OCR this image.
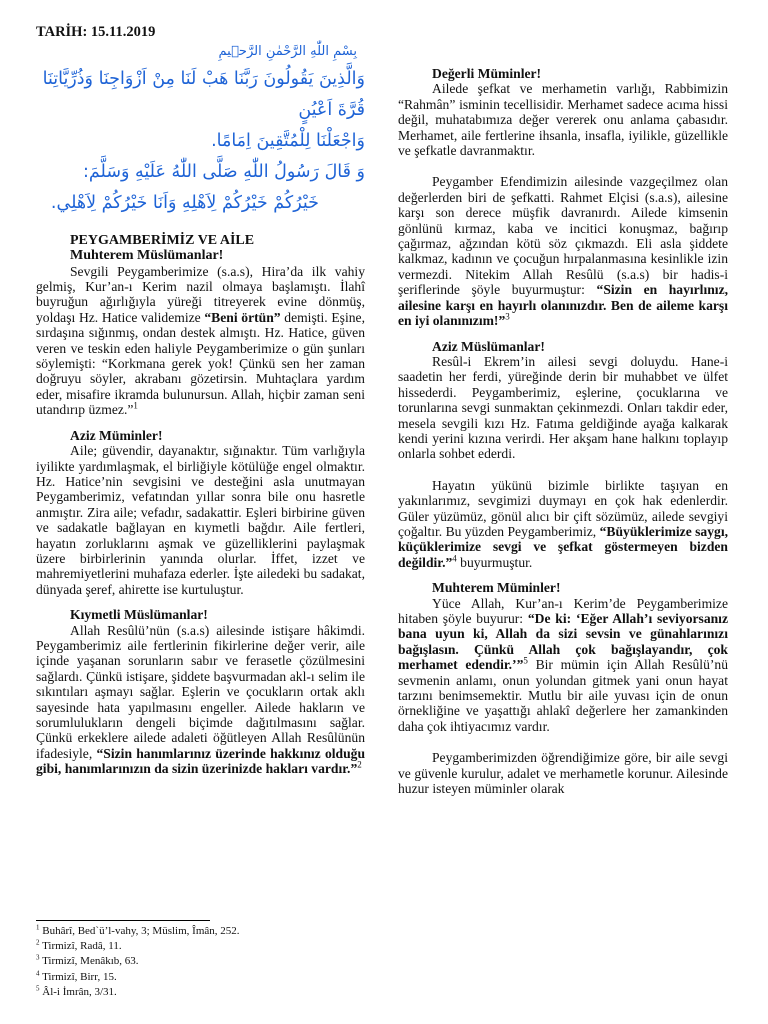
TARİH: 15.11.2019
بِسْمِ اللّٰهِ الرَّحْمٰنِ الرَّح۪يمِ
وَالَّذِينَ يَقُولُونَ رَبَّنَا هَبْ لَنَا مِنْ اَزْوَاجِنَا وَذُرِّيَّاتِنَا قُرَّةَ اَعْيُنٍ
وَاجْعَلْنَا لِلْمُتَّقِينَ اِمَامًا.
وَ قَالَ رَسُولُ اللّٰهِ صَلَّى اللّٰهُ عَلَيْهِ وَسَلَّمَ:
خَيْرُكُمْ خَيْرُكُمْ لِاَهْلِهِ وَاَنَا خَيْرُكُمْ لِاَهْلِي.
PEYGAMBERİMİZ VE AİLE
Muhterem Müslümanlar!

Sevgili Peygamberimize (s.a.s), Hira’da ilk vahiy gelmiş, Kur’an-ı Kerim nazil olmaya başlamıştı. İlahî buyruğun ağırlığıyla yüreği titreyerek evine dönmüş, yoldaşı Hz. Hatice validemize “Beni örtün” demişti. Eşine, sırdaşına sığınmış, ondan destek almıştı. Hz. Hatice, güven veren ve teskin eden haliyle Peygamberimize o gün şunları söylemişti: “Korkmana gerek yok! Çünkü sen her zaman doğruyu söyler, akrabanı gözetirsin. Muhtaçlara yardım eder, misafire ikramda bulunursun. Allah, hiçbir zaman seni utandırıp üzmez.”$^1$

Aziz Müminler!

Aile; güvendir, dayanaktır, sığınaktır. Tüm varlığıyla iyilikte yardımlaşmak, el birliğiyle kötülüğe engel olmaktır. Hz. Hatice’nin sevgisini ve desteğini asla unutmayan Peygamberimiz, vefatından yıllar sonra bile onu hasretle anmıştır. Zira aile; vefadır, sadakattir. Eşleri birbirine güven ve sadakatle bağlayan en kıymetli bağdır. Aile fertleri, hayatın zorluklarını aşmak ve güzelliklerini paylaşmak üzere birbirlerinin yanında olurlar. İffet, izzet ve mahremiyetlerini muhafaza ederler. İşte ailedeki bu sadakat, dünyada şeref, ahirette ise kurtuluştur.

Kıymetli Müslümanlar!

Allah Resûlü’nün (s.a.s) ailesinde istişare hâkimdi. Peygamberimiz aile fertlerinin fikirlerine değer verir, aile içinde yaşanan sorunların sabır ve ferasetle çözülmesini sağlardı. Çünkü istişare, şiddete başvurmadan akl-ı selim ile sıkıntıları aşmayı sağlar. Eşlerin ve çocukların ortak aklı sayesinde hata yapılmasını engeller. Ailede hakların ve sorumlulukların dengeli biçimde dağıtılmasını sağlar. Çünkü erkeklere ailede adaleti öğütleyen Allah Resûlünün ifadesiyle, “Sizin hanımlarınız üzerinde hakkınız olduğu gibi, hanımlarınızın da sizin üzerinizde hakları vardır.”$^2$

Değerli Müminler!

Ailede şefkat ve merhametin varlığı, Rabbimizin “Rahmân” isminin tecellisidir. Merhamet sadece acıma hissi değil, muhatabımıza değer vererek onu anlama çabasıdır. Merhamet, aile fertlerine ihsanla, insafla, iyilikle, güzellikle ve şefkatle davranmaktır.

Peygamber Efendimizin ailesinde vazgeçilmez olan değerlerden biri de şefkatti. Rahmet Elçisi (s.a.s), ailesine karşı son derece müşfik davranırdı. Ailede kimsenin gönlünü kırmaz, kaba ve incitici konuşmaz, bağırıp çağırmaz, ağzından kötü söz çıkmazdı. Eli asla şiddete kalkmaz, kadının ve çocuğun hırpalanmasına kesinlikle izin vermezdi. Nitekim Allah Resûlü (s.a.s) bir hadis-i şeriflerinde şöyle buyurmuştur: “Sizin en hayırlınız, ailesine karşı en hayırlı olanınızdır. Ben de aileme karşı en iyi olanınızım!”$^3$

Aziz Müslümanlar!

Resûl-i Ekrem’in ailesi sevgi doluydu. Hane-i saadetin her ferdi, yüreğinde derin bir muhabbet ve ülfet hissederdi. Peygamberimiz, eşlerine, çocuklarına ve torunlarına sevgi sunmaktan çekinmezdi. Onları takdir eder, mesela sevgili kızı Hz. Fatıma geldiğinde ayağa kalkarak kendi yerini kızına verirdi. Her akşam hane halkını toplayıp onlarla sohbet ederdi.

Hayatın yükünü bizimle birlikte taşıyan en yakınlarımız, sevgimizi duymayı en çok hak edenlerdir. Güler yüzümüz, gönül alıcı bir çift sözümüz, ailede sevgiyi çoğaltır. Bu yüzden Peygamberimiz, “Büyüklerimize saygı, küçüklerimize sevgi ve şefkat göstermeyen bizden değildir.”$^4$ buyurmuştur.

Muhterem Müminler!

Yüce Allah, Kur’an-ı Kerim’de Peygamberimize hitaben şöyle buyurur: “De ki: ‘Eğer Allah’ı seviyorsanız bana uyun ki, Allah da sizi sevsin ve günahlarınızı bağışlasın. Çünkü Allah çok bağışlayandır, çok merhamet edendir.’”$^5$ Bir mümin için Allah Resûlü’nü sevmenin anlamı, onun yolundan gitmek yani onun hayat tarzını benimsemektir. Mutlu bir aile yuvası için de onun örnekliğine ve yaşattığı ahlakî değerlere her zamankinden daha çok ihtiyacımız vardır.

Peygamberimizden öğrendiğimize göre, bir aile sevgi ve güvenle kurulur, adalet ve merhametle korunur. Ailesinde huzur isteyen müminler olarak

$^1$ Buhârî, Bed`ü’l-vahy, 3; Müslim, Îmân, 252.
$^2$ Tirmizî, Radâ, 11.
$^3$ Tirmizî, Menâkıb, 63.
$^4$ Tirmizî, Birr, 15.
$^5$ Âl-i İmrân, 3/31.
